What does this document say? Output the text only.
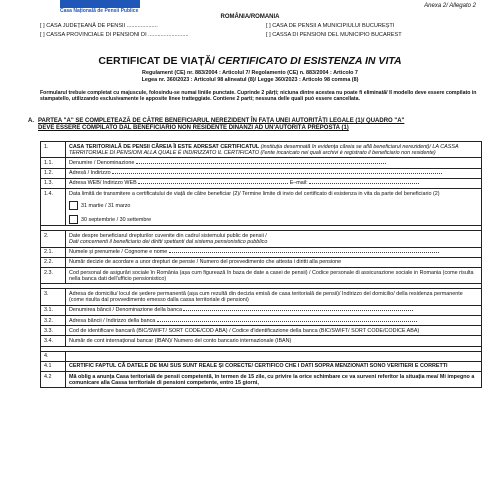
Casa Națională de Pensii Publice
Anexa 2/ Allegato 2
ROMÂNIA/ROMANIA
[ ] CASA JUDEȚEANĂ DE PENSII ....................	[ ] CASA DE PENSII A MUNICIPIULUI BUCUREȘTI
[ ] CASSA PROVINCIALE DI PENSIONI DI ..........................	[ ] CASSA DI PENSIONI DEL MUNICIPIO BUCAREST
CERTIFICAT DE VIAȚĂ/ CERTIFICATO DI ESISTENZA IN VITA
Regulament (CE) nr. 883/2004 : Articolul 7/ Regolamento (CE) n. 883/2004 : Articolo 7
Legea nr. 360/2023 : Articolul 98 alineatul (8)/ Legge 360/2023 : Articolo 98 comma (8)
Formularul trebuie completat cu majuscule, folosindu-se numai liniile punctate. Cuprinde 2 părți; niciuna dintre acestea nu poate fi eliminată/ Il modello deve essere compilato in stampatello, utilizzando esclusivamente le apposite linee tratteggiate. Contiene 2 parti; nessuna delle quali può essere cancellata.
A. PARTEA "A" SE COMPLETEAZĂ DE CĂTRE BENEFICIARUL NEREZIDENT ÎN FAȚA UNEI AUTORITĂȚI LEGALE (1)/ QUADRO "A"
DEVE ESSERE COMPILATO DAL BENEFICIARIO NON RESIDENTE DINANZI AD UN'AUTORITÀ PREPOSTA (1)
1.	CASA TERITORIALĂ DE PENSII CĂREIA ÎI ESTE ADRESAT CERTIFICATUL (instituția desemnată în evidența căreia se află beneficiarul nerezident)/ LA CASSA TERRITORIALE DI PENSIONI ALLA QUALE È INDIRIZZATO IL CERTIFICATO (l'ente incaricato nei quali archivi è registrato il beneficiario non residente)
1.1.	Denumire / Denominazione
1.2.	Adresă / Indirizzo
1.3.	Adresa WEB/ Indirizzo WEB E–mail:
1.4.	Data limită de transmitere a certificatului de viață de către beneficiar (2)/ Termine limite di invio del certificato di esistenza in vita da parte del beneficiario (2)
31 martie / 31 marzo
30 septembrie / 30 settembre

2.	Date despre beneficiarul drepturilor cuvenite din cadrul sistemului public de pensii /
Dati concernenti il beneficiario dei diritti spettanti dal sistema pensionistico pubblico

2.1.	Numele și prenumele / Cognome e nome
2.2.	Număr decizie de acordare a unor drepturi de pensie / Numero del provvedimento che attesta i diritti alla pensione
2.3.	Cod personal de asigurări sociale în România (așa cum figurează în baza de date a casei de pensii) / Codice personale di assicurazione sociale in Romania (come risulta nella banca dati dell'ufficio pensionistico)

3.	Adresa de domiciliu/ locul de ședere permanentă (așa cum rezultă din decizia emisă de casa teritorială de pensii)/ Indirizzo del domicilio/ della residenza permanente (come risulta dal provvedimento emesso dalla cassa territoriale di pensioni)
3.1.	Denumirea băncii / Denominazione della banca
3.2.	Adresa băncii / Indirizzo della banca
3.3.	Cod de identificare bancară (BIC/SWIFT/ SORT CODE/COD ABA) / Codice d'identificazione della banca (BIC/SWIFT/ SORT CODE/CODICE ABA)
3.4.	Număr de cont internațional bancar (IBAN)/ Numero del conto bancario internazionale (IBAN)

4.	
4.1	CERTIFIC FAPTUL CĂ DATELE DE MAI SUS SUNT REALE ȘI CORECTE/ CERTIFICO CHE I DATI SOPRA MENZIONATI SONO VERITIERI E CORRETTI
4.2	Mă oblig a anunța Casa teritorială de pensii competentă, în termen de 15 zile, cu privire la orice schimbare ce va surveni referitor la situația mea/ Mi impegno a comunicare alla Cassa territoriale di pensioni competente, entro 15 giorni,
